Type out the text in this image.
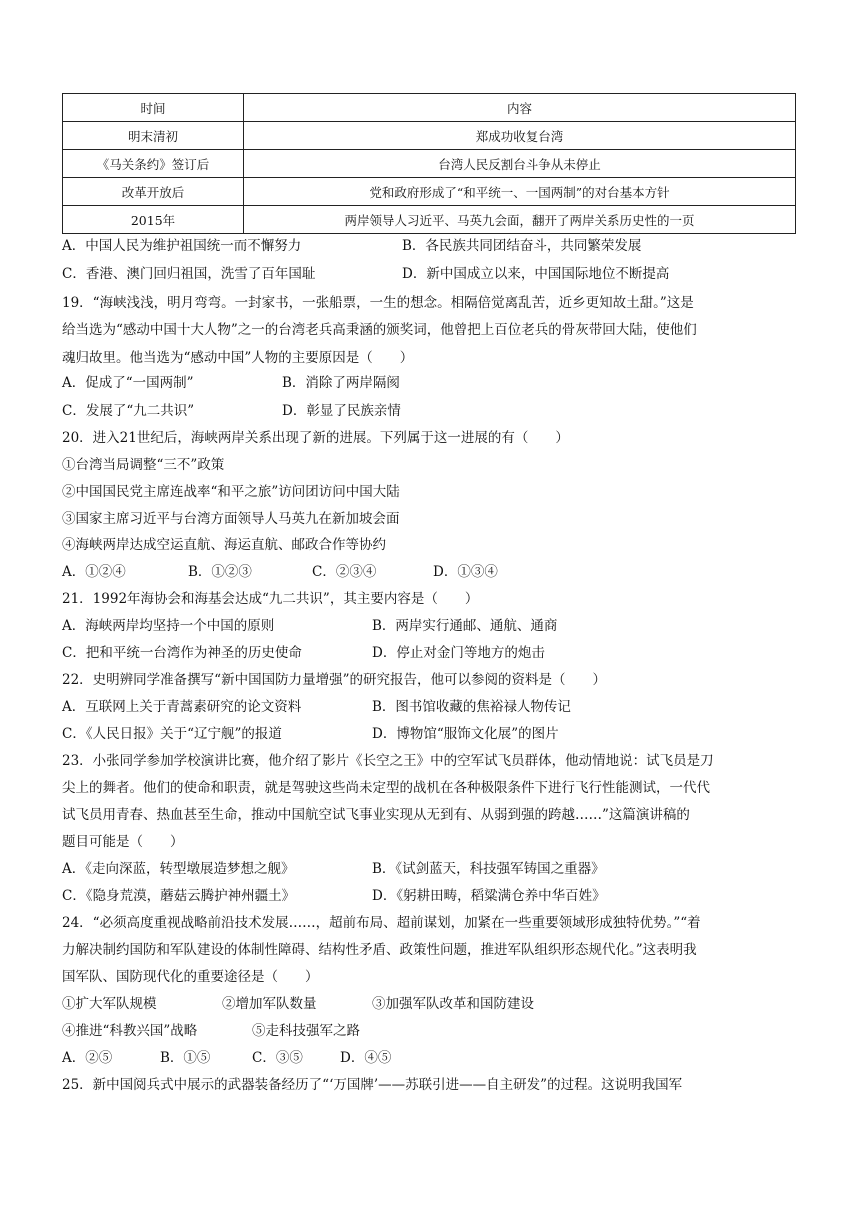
时间	内容
明末清初	郑成功收复台湾
《马关条约》签订后	台湾人民反割台斗争从未停止
改革开放后	党和政府形成了“和平统一、一国两制”的对台基本方针
2015年	两岸领导人习近平、马英九会面，翻开了两岸关系历史性的一页
A．中国人民为维护祖国统一而不懈努力	B．各民族共同团结奋斗，共同繁荣发展
C．香港、澳门回归祖国，洗雪了百年国耻	D．新中国成立以来，中国国际地位不断提高
19．“海峡浅浅，明月弯弯。一封家书，一张船票，一生的想念。相隔倍觉离乱苦，近乡更知故土甜。”这是
给当选为“感动中国十大人物”之一的台湾老兵高秉涵的颁奖词，他曾把上百位老兵的骨灰带回大陆，使他们
魂归故里。他当选为“感动中国”人物的主要原因是（　　）
A．促成了“一国两制”	B．消除了两岸隔阂
C．发展了“九二共识”	D．彰显了民族亲情
20．进入21世纪后，海峡两岸关系出现了新的进展。下列属于这一进展的有（　　）
①台湾当局调整“三不”政策
②中国国民党主席连战率“和平之旅”访问团访问中国大陆
③国家主席习近平与台湾方面领导人马英九在新加坡会面
④海峡两岸达成空运直航、海运直航、邮政合作等协约
A．①②④	B．①②③	C．②③④	D．①③④
21．1992年海协会和海基会达成“九二共识”，其主要内容是（　　）
A．海峡两岸均坚持一个中国的原则	B．两岸实行通邮、通航、通商
C．把和平统一台湾作为神圣的历史使命	D．停止对金门等地方的炮击
22．史明辨同学准备撰写“新中国国防力量增强”的研究报告，他可以参阅的资料是（　　）
A．互联网上关于青蒿素研究的论文资料	B．图书馆收藏的焦裕禄人物传记
C．《人民日报》关于“辽宁舰”的报道	D．博物馆“服饰文化展”的图片
23．小张同学参加学校演讲比赛，他介绍了影片《长空之王》中的空军试飞员群体，他动情地说：试飞员是刀
尖上的舞者。他们的使命和职责，就是驾驶这些尚未定型的战机在各种极限条件下进行飞行性能测试，一代代
试飞员用青春、热血甚至生命，推动中国航空试飞事业实现从无到有、从弱到强的跨越……”这篇演讲稿的
题目可能是（　　）
A．《走向深蓝，转型墩展造梦想之舰》	B．《试剑蓝天，科技强军铸国之重器》
C．《隐身荒漠，蘑菇云腾护神州疆土》	D．《躬耕田畴，稻粱满仓养中华百姓》
24．“必须高度重视战略前沿技术发展……，超前布局、超前谋划，加紧在一些重要领域形成独特优势。”“着
力解决制约国防和军队建设的体制性障碍、结构性矛盾、政策性问题，推进军队组织形态规代化。”这表明我
国军队、国防现代化的重要途径是（　　）
①扩大军队规模	②增加军队数量	③加强军队改革和国防建设
④推进“科教兴国”战略	⑤走科技强军之路
A．②⑤	B．①⑤	C．③⑤	D．④⑤
25．新中国阅兵式中展示的武器装备经历了“‘万国牌’——苏联引进——自主研发”的过程。这说明我国军
